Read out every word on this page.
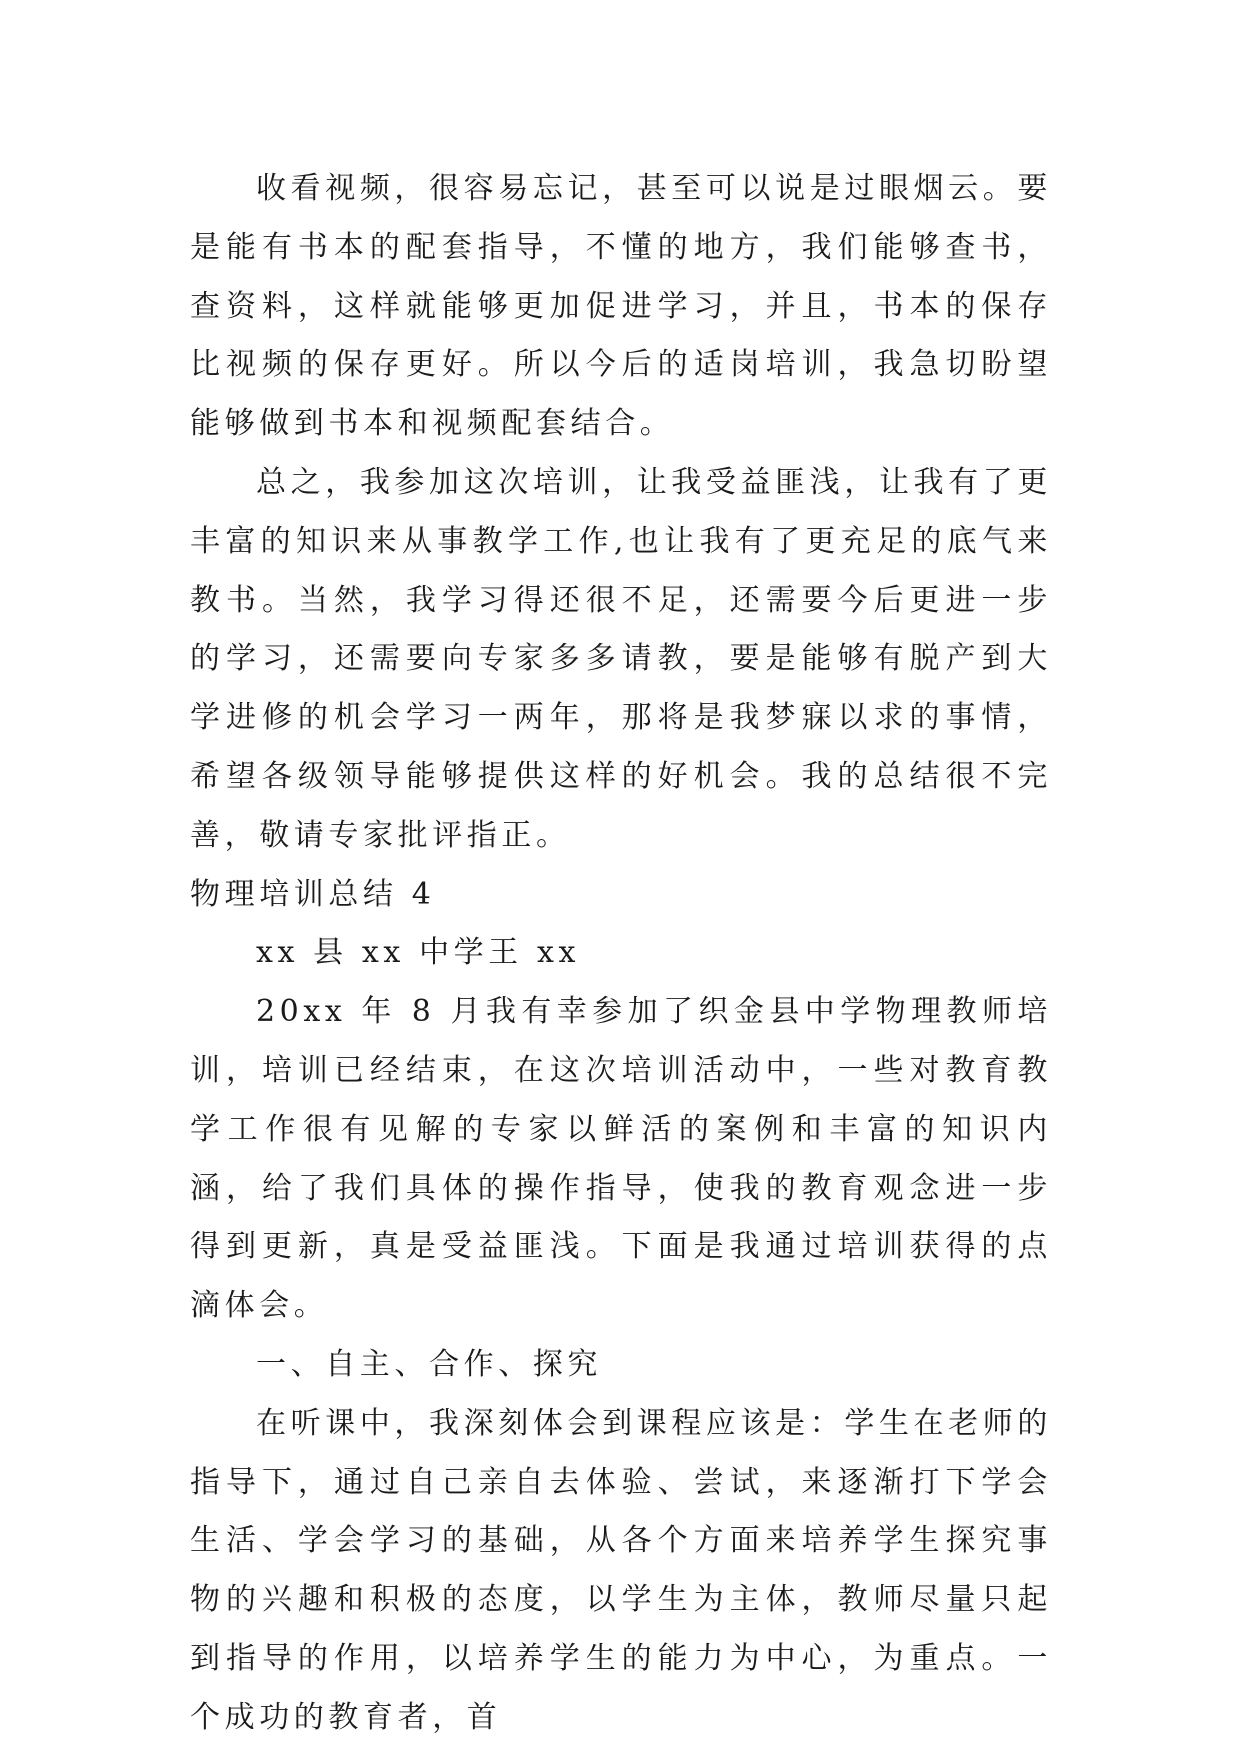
收看视频，很容易忘记，甚至可以说是过眼烟云。要是能有书本的配套指导，不懂的地方，我们能够查书，查资料，这样就能够更加促进学习，并且，书本的保存比视频的保存更好。所以今后的适岗培训，我急切盼望能够做到书本和视频配套结合。

总之，我参加这次培训，让我受益匪浅，让我有了更丰富的知识来从事教学工作,也让我有了更充足的底气来教书。当然，我学习得还很不足，还需要今后更进一步的学习，还需要向专家多多请教，要是能够有脱产到大学进修的机会学习一两年，那将是我梦寐以求的事情，希望各级领导能够提供这样的好机会。我的总结很不完善，敬请专家批评指正。

物理培训总结 4

xx 县 xx 中学王 xx

20xx 年 8 月我有幸参加了织金县中学物理教师培训，培训已经结束，在这次培训活动中，一些对教育教学工作很有见解的专家以鲜活的案例和丰富的知识内涵，给了我们具体的操作指导，使我的教育观念进一步得到更新，真是受益匪浅。下面是我通过培训获得的点滴体会。

一、自主、合作、探究

在听课中，我深刻体会到课程应该是：学生在老师的指导下，通过自己亲自去体验、尝试，来逐渐打下学会生活、学会学习的基础，从各个方面来培养学生探究事物的兴趣和积极的态度，以学生为主体，教师尽量只起到指导的作用，以培养学生的能力为中心，为重点。一个成功的教育者，首
